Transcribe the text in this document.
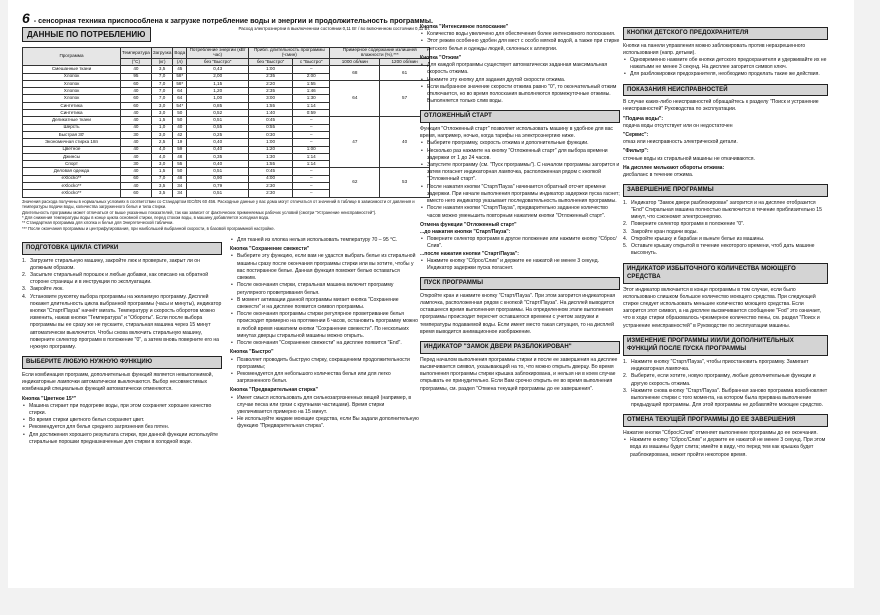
6 - сенсорная техника приспособлена к загрузке потребление воды и энергии и продолжительность программы.
ДАННЫЕ ПО ПОТРЕБЛЕНИЮ
Расход электроэнергии в выключенном состоянии 0,11 Вт / во включенном состоянии 0,11 Вт.
Программа	Температура	Загрузка	Вода	Потребление энергии (кВт час)	Прибл. длительность программы (ч:мин)		Примерное содержание излишней влажности (%),***	

	(°C)	(кг)	(л)	без "Быстро"	без "Быстро"	с "Быстро"	1000 об/мин	1200 об/мин
Смешанные ткани	40	3,5	45	0,43	1:00	–	68	61
Хлопок	95	7,0	58*	2,00	2:35	2:00		
Хлопок	60	7,0	58*	1,15	2:20	1:55	64	57
Хлопок	40	7,0	64	1,20	2:35	1:46		
Хлопок	60	7,0	64	1,00	3:00	1:30		
Синтетика	60	3,0	54*	0,85	1:55	1:14		
Синтетика	40	3,0	50	0,52	1:40	0:59		
Деликатные ткани	40	1,5	50	0,51	0:45	–	47	40
Шерсть	40	1,0	40	0,55	0:55	–		
Быстрая 30'	30	3,0	42	0,25	0:30	–		
Экономичная стирка 18п	40	2,5	19	0,40	1:00	–		
Цветное	40	4,0	59	0,40	1:20	1:00		
Джинсы	40	4,0	48	0,35	1:30	1:14		
Спорт	30	3,0	55	0,40	1:55	1:14		
Деловая одежда	40	1,5	50	0,51	0:45	–	62	53
eXlocko**	60	7,0	48	0,90	4:00	–		
eXlocko**	40	3,5	34	0,79	2:30	–		
eXlocko**	60	3,5	34	0,51	2:30	–		
Значения расхода получены в нормальных условиях в соответствии со Стандартом IEC/EN 60 456. Расходные данные у вас дома могут отличаться от значений в таблице в зависимости от давления и температуры подачи воды, количества загруженного белья и типа стирки.
Длительность программы может отличаться от выше указанных показателей, так как зависит от фактических применяемых рабочих условий (смотри "Устранение неисправностей").
* Для снижения температуры воды в конце цикла основной стирки, перед стоком воды, в машину добавляется холодная вода.
** Стандартная программа для хлопка и белья для Энергетической таблички.
*** После окончания программы и центрифугирования, при наибольшей выбранной скорости, в базовой программной настройке.
ПОДГОТОВКА ЦИКЛА СТИРКИ
1. Загрузите стиральную машину, закройте люк и проверьте, закрыт ли он должным образом.
2. Засыпьте стиральный порошок и любые добавки, как описано на обратной стороне страницы и в инструкции по эксплуатации.
3. Закройте люк.
4. Установите рукоятку выбора программы на желаемую программу. Дисплей покажет длительность цикла выбранной программы (часы и минуты), индикатор кнопки "Старт/Пауза" начнёт мигать. Температуру и скорость оборотов можно изменить, нажав кнопки "Температура" и "Обороты". Если после выбора программы вы ее сразу же не пускаете, стиральная машина через 15 минут автоматически выключится. Чтобы снова включить стиральную машину, поверните селектор программ в положение "0", а затем вновь поверните его на нужную программу.
ВЫБЕРИТЕ ЛЮБУЮ НУЖНУЮ ФУНКЦИЮ

Если комбинация программ, дополнительных функций является невыполнимой, индикаторные лампочки автоматически выключаются. Выбор несовместимых комбинаций специальных функций автоматически отменяются.

Кнопка "Цветное 15°"
• Машина стирает при подогреве воды, при этом сохраняет хорошее качество стирки.
• Во время стирки цветного белья сохраняет цвет.
• Рекомендуется для белья среднего загрязнения без пятен.
• Для достижения хорошего результата стирки, при данной функции используйте стиральные порошки предназначенные для стирки в холодной воде.
• Для тканей из хлопка нельзя использовать температуру 70 – 95 °C.
Кнопка "Сохранение свежести"
• Выберите эту функцию, если вам не удастся выбрать белье из стиральной машины сразу после окончания программы стирки или вы хотите, чтобы у вас постиранное белье. Данная функция поможет белью оставаться свежим.
• После окончания стирки, стиральная машина включит программу регулярного проветривания белья.
• В момент активации данной программы мигает кнопка "Сохранение свежести" и на дисплее появится символ программы.
• После окончания программы стирки регулярное проветривание белья происходит примерно на протяжении 6 часов, остановить программу можно в любой время нажатием кнопки "Сохранение свежести". По нескольких минутах дверцы стиральной машины можно открыть.
• После окончания "Сохранение свежести" на дисплее появится "End".
Кнопка "Быстро"
• Позволяет проводить быструю стирку, сокращением продолжительности программы;
• Рекомендуется для небольшого количества белья или для легко загрязненного белья.
Кнопка "Предварительная стирка"
• Имеет смысл использовать для сильнозагрязненных вещей (например, в случае песка или грязи с крупными частицами). Время стирки увеличивается примерно на 15 минут.
• Не используйте жидкие моющие средства, если Вы задали дополнительную функцию "Предварительная стирка".
Кнопка "Интенсивное полоскание"
• Количество воды увеличено для обеспечения более интенсивного полоскания.
• Этот режим особенно удобен для мест с особо мягкой водой, а также при стирке детского белья и одежды людей, склонных к аллергии.
Кнопка "Отжим"
• Для каждой программы существует автоматически заданная максимальная скорость отжима.
• Нажмите эту кнопку для задания другой скорости отжима.
• Если выбранное значение скорости отжима равно "0", то окончательный отжим отключается, но во время полоскания выполняются промежуточные отжимы. Выполняется только слив воды.
ОТЛОЖЕННЫЙ СТАРТ

Функция "Отложенный старт" позволяет использовать машину в удобное для вас время, например, ночью, когда тарифы на электроэнергию ниже.

• Выберите программу, скорость отжима и дополнительные функции.
• Несколько раз нажмите на кнопку "Отложенный старт" для выбора времени задержки от 1 до 24 часов.
• Запустите программу (см. "Пуск программы"). С началом программы загорится и затем погаснет индикаторная лампочка, расположенная рядом с кнопкой "Отложенный старт".
• После нажатия кнопки "Старт/Пауза" начинается обратный отсчет времени задержки. При начале выполнения программы индикатор задержки пуска гаснет; вместо него индикатор указывает последовательность выполнения программы.
• После нажатия кнопки "Старт/Пауза", предварительно заданное количество часов можно уменьшить повторным нажатием кнопки "Отложенный старт".
Отмена функции "Отложенный старт"
...до нажатия кнопки "Старт/Пауза":
• Поверните селектор программ в другое положение или нажмите кнопку "Сброс/Слив".
...после нажатия кнопки "Старт/Пауза":
• Нажмите кнопку "Сброс/Слив" и держите ее нажатой не менее 3 секунд. Индикатор задержки пуска погаснет.
ПУСК ПРОГРАММЫ

Откройте кран и нажмите кнопку "Старт/Пауза". При этом загорится индикаторная лампочка, расположенная рядом с кнопкой "Старт/Пауза". На дисплей выводится оставшееся время выполнения программы. На определенном этапе выполнения программы происходит пересчет оставшегося времени с учетом загрузки и температуры подаваемой воды. Если имеет место такая ситуация, то на дисплей время выводится анимационное изображение.

ИНДИКАТОР "ЗАМОК ДВЕРИ РАЗБЛОКИРОВАН"

Перед началом выполнения программы стирки и после ее завершения на дисплее высвечивается символ, указывающий на то, что можно открыть дверцу. Во время выполнения программы стирки крышка заблокирована, и нельзя ни в коем случае открывать ее принудительно. Если Вам срочно открыть ее во время выполнения программы, см. раздел "Отмена текущей программы до ее завершения".

КНОПКИ ДЕТСКОГО ПРЕДОХРАНИТЕЛЯ

Кнопки на панели управления можно заблокировать против неразрешенного использования (напр. детьми).

• Одновременно нажмите обе кнопки детского предохранителя и удерживайте их не нажатыми не менее 3 секунд. На дисплее загорится символ ключ.
• Для разблокировки предохранителя, необходимо проделать такие же действия.
ПОКАЗАНИЯ НЕИСПРАВНОСТЕЙ

В случае каких-либо неисправностей обращайтесь к разделу "Поиск и устранение неисправностей" Руководства по эксплуатации.

"Подача воды":

подача воды отсутствует или он недостаточен

"Сервис":

отказ или неисправность электрической детали.

"Фильтр":

сточные воды из стиральной машины не откачиваются.

На дисплее мелькают обороты отжима:

дисбаланс в течение отжима.

ЗАВЕРШЕНИЕ ПРОГРАММЫ
1. Индикатор "Замок двери разблокирован" загорится и на дисплее отобразится "End" Стиральная машина полностью выключится в течение приблизительно 15 минут, что сэкономит электроэнергию.
2. Поверните селектор программ в положение "0".
3. Закройте кран подачи воды.
4. Откройте крышку и барабан и выньте белье из машины.
5. Оставьте крышку открытой в течение некоторого времени, чтоб дать машине высохнуть.
ИНДИКАТОР ИЗБЫТОЧНОГО КОЛИЧЕСТВА МОЮЩЕГО СРЕДСТВА

Этот индикатор включается в конце программы в том случае, если было использовано слишком большое количество моющего средства. При следующей стирке следует использовать меньшее количество моющего средства. Если загорится этот символ, а на дисплее высвечивается сообщение "Fod" это означает, что в ходе стирки образовалось чрезмерное количество пены, см. раздел "Поиск и устранение неисправностей" в Руководстве по эксплуатации машины.

ИЗМЕНЕНИЕ ПРОГРАММЫ И/ИЛИ ДОПОЛНИТЕЛЬНЫХ ФУНКЦИЙ ПОСЛЕ ПУСКА ПРОГРАММЫ
1. Нажмите кнопку "Старт/Пауза", чтобы приостановить программу. Замигает индикаторная лампочка.
2. Выберите, если хотите, новую программу, любые дополнительные функции и другую скорость отжима.
3. Нажмите снова кнопку "Старт/Пауза". Выбранная заново программа возобновляет выполнение стирки с того момента, на котором была прервана выполнение предыдущей программы. Для этой программы не добавляйте моющее средство.
ОТМЕНА ТЕКУЩЕЙ ПРОГРАММЫ ДО ЕЕ ЗАВЕРШЕНИЯ

Нажатие кнопки "Сброс/Слив" отменяет выполнение программы до ее окончания.

• Нажмите кнопку "Сброс/Слив" и держите ее нажатой не менее 3 секунд. При этом вода из машины будет слита; имейте в виду, что перед тем как крышка будет разблокирована, может пройти некоторое время.
